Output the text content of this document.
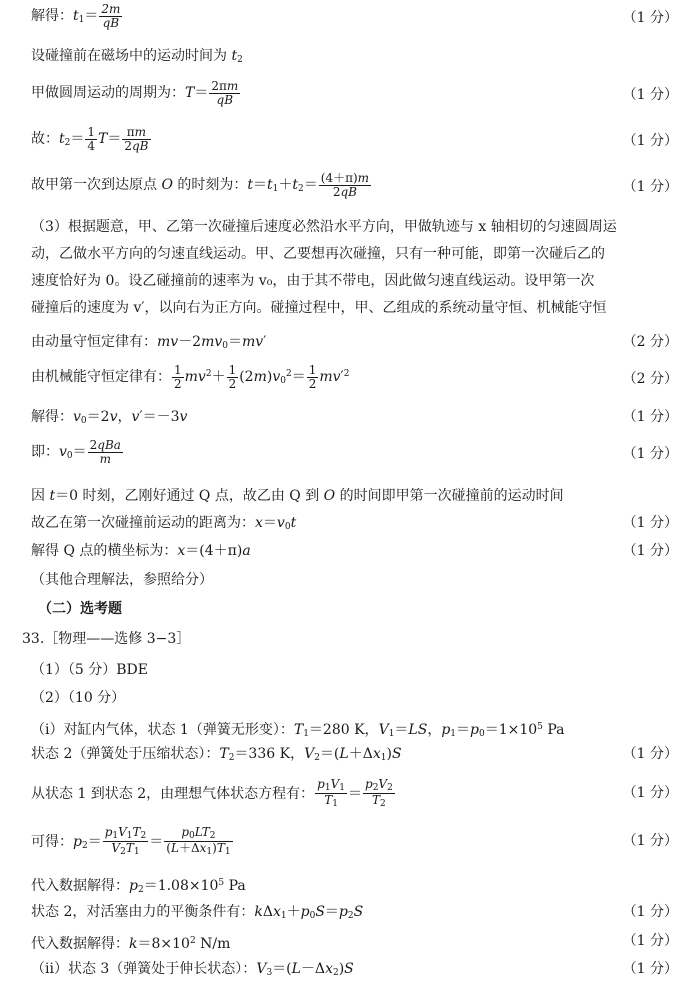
解得：$t_1= \frac{2m}{qB}$	（1 分）
设碰撞前在磁场中的运动时间为 $t_2$
甲做圆周运动的周期为：$T= \frac{2\pi m}{qB}$	（1 分）
故：$t_2= \frac{1}{4} T= \frac{\pi m}{2qB}$	（1 分）
故甲第一次到达原点 O 的时刻为：$t=t_1+t_2= \frac{(4+\pi)m}{2qB}$	（1 分）
（3）根据题意，甲、乙第一次碰撞后速度必然沿水平方向，甲做轨迹与 x 轴相切的匀速圆周运
动，乙做水平方向的匀速直线运动。甲、乙要想再次碰撞，只有一种可能，即第一次碰后乙的
速度恰好为 0。设乙碰撞前的速率为 v₀，由于其不带电，因此做匀速直线运动。设甲第一次
碰撞后的速度为 v′，以向右为正方向。碰撞过程中，甲、乙组成的系统动量守恒、机械能守恒
由动量守恒定律有：$mv-2mv_0=mv'$	（2 分）
由机械能守恒定律有： $\frac{1}{2} mv^2+ \frac{1}{2} (2m)v_0^2= \frac{1}{2} mv'^2$	（2 分）
解得：$v_0=2v$，v′＝－3v	（1 分）
即：$v_0= \frac{\text{2qBa}}{m}$	（1 分）
因 t＝0 时刻，乙刚好通过 Q 点，故乙由 Q 到 O 的时间即甲第一次碰撞前的运动时间
故乙在第一次碰撞前运动的距离为：$x=v_0t$	（1 分）
解得 Q 点的横坐标为：x＝(4＋π)a	（1 分）
（其他合理解法，参照给分）
（二）选考题
33.［物理——选修 3−3］
（1）（5 分）BDE
（2）（10 分）
（ⅰ）对缸内气体，状态 1（弹簧无形变）：$T_1=280$ K，$V_1=LS$，$p_1=p_0=1\times 10^5$ Pa
状态 2（弹簧处于压缩状态）：$T_2=336$ K，$V_2=(L+\Delta x_1)S$	（1 分）
从状态 1 到状态 2，由理想气体状态方程有： $\frac{p_1V_1}{T_1} = \frac{p_2V_2}{T_2}$	（1 分）
可得：$p_2= \frac{p_1V_1T_2}{V_2T_1} = \frac{p_0LT_2}{(L+\Delta x_1)T_1}$	（1 分）
代入数据解得：$p_2=1.08\times 10^5$ Pa
状态 2，对活塞由力的平衡条件有：$k\Delta x_1+p_0S=p_2S$	（1 分）
代入数据解得：$k=8\times 10^2$ N/m	（1 分）
（ⅱ）状态 3（弹簧处于伸长状态）：$V_3=(L-\Delta x_2)S$	（1 分）
